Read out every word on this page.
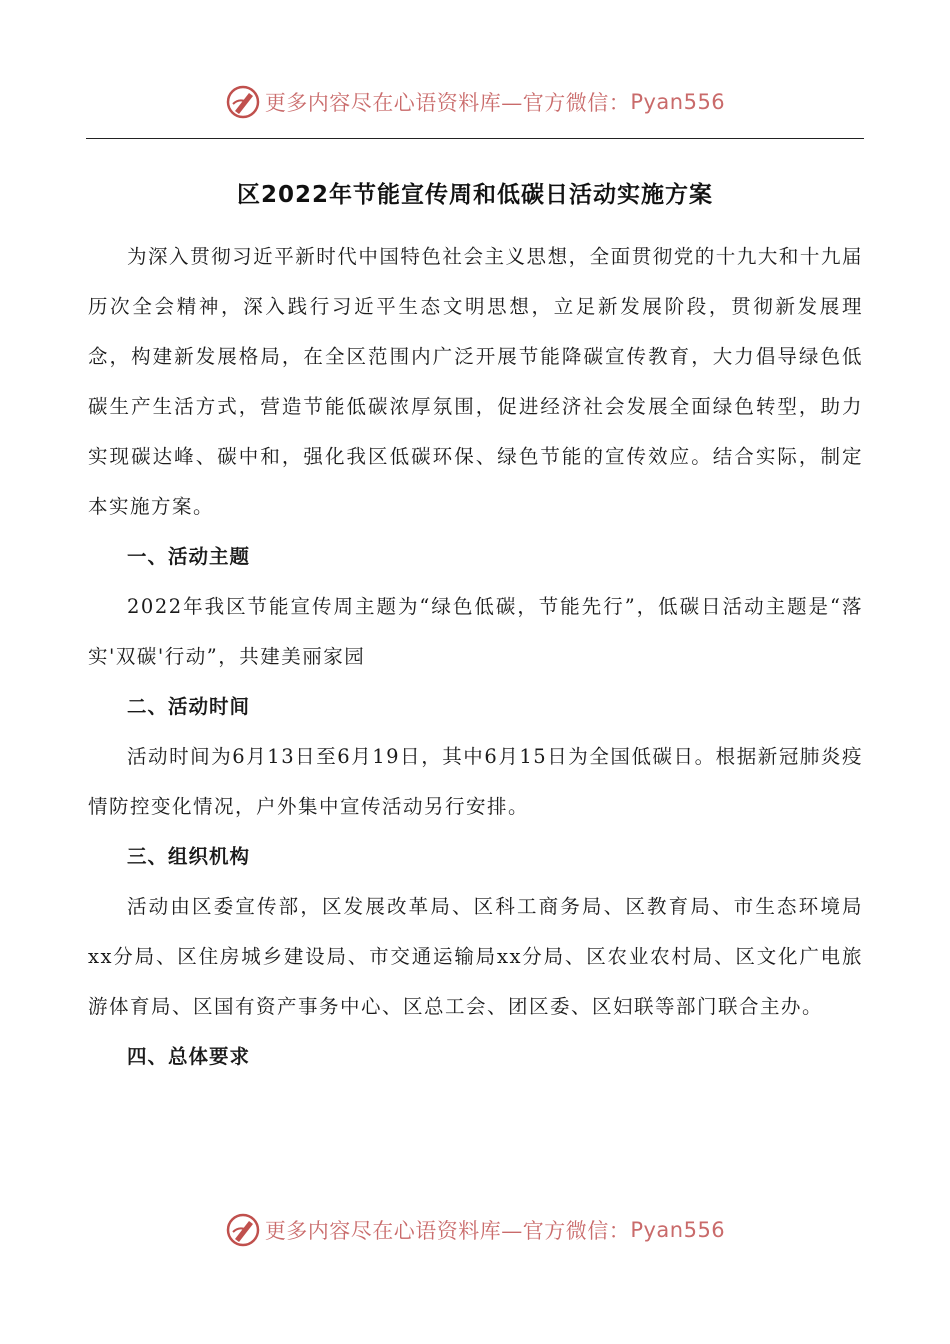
更多内容尽在心语资料库—官方微信： Pyan556
区2022年节能宣传周和低碳日活动实施方案

为深入贯彻习近平新时代中国特色社会主义思想，全面贯彻党的十九大和十九届历次全会精神，深入践行习近平生态文明思想，立足新发展阶段，贯彻新发展理念，构建新发展格局，在全区范围内广泛开展节能降碳宣传教育，大力倡导绿色低碳生产生活方式，营造节能低碳浓厚氛围，促进经济社会发展全面绿色转型，助力实现碳达峰、碳中和，强化我区低碳环保、绿色节能的宣传效应。结合实际，制定本实施方案。

一、活动主题

2022年我区节能宣传周主题为“绿色低碳，节能先行”，低碳日活动主题是“落实'双碳'行动”，共建美丽家园

二、活动时间

活动时间为6月13日至6月19日，其中6月15日为全国低碳日。根据新冠肺炎疫情防控变化情况，户外集中宣传活动另行安排。

三、组织机构

活动由区委宣传部，区发展改革局、区科工商务局、区教育局、市生态环境局xx分局、区住房城乡建设局、市交通运输局xx分局、区农业农村局、区文化广电旅游体育局、区国有资产事务中心、区总工会、团区委、区妇联等部门联合主办。

四、总体要求
更多内容尽在心语资料库—官方微信： Pyan556
